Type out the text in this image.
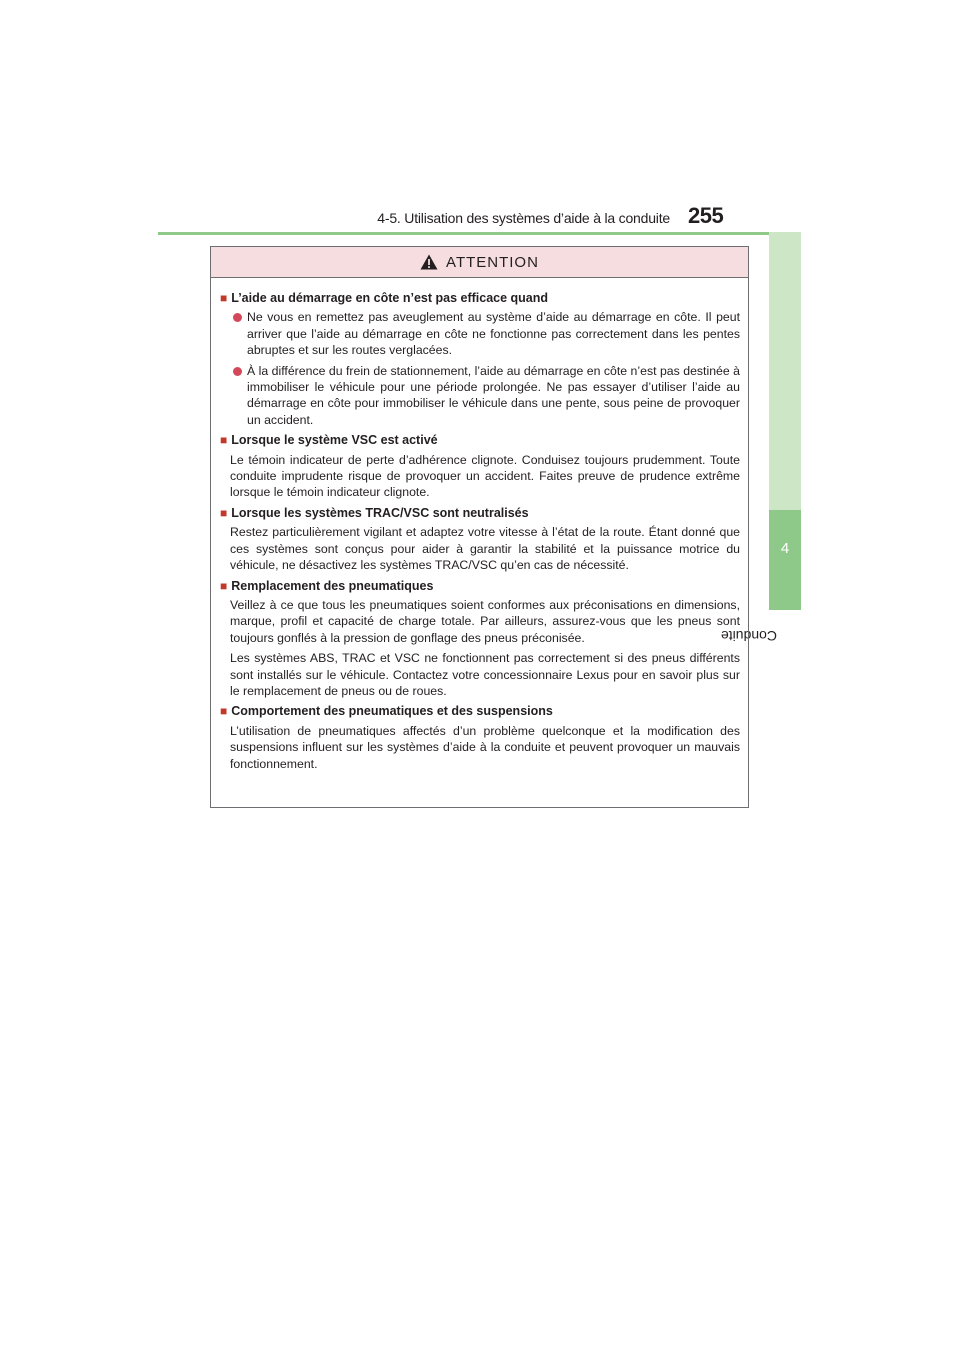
4-5. Utilisation des systèmes d’aide à la conduite 255
4
Conduite
ATTENTION
■ L’aide au démarrage en côte n’est pas efficace quand
Ne vous en remettez pas aveuglement au système d’aide au démarrage en côte. Il peut arriver que l’aide au démarrage en côte ne fonctionne pas correctement dans les pentes abruptes et sur les routes verglacées.
À la différence du frein de stationnement, l’aide au démarrage en côte n’est pas destinée à immobiliser le véhicule pour une période prolongée. Ne pas essayer d’utiliser l’aide au démarrage en côte pour immobiliser le véhicule dans une pente, sous peine de provoquer un accident.
■ Lorsque le système VSC est activé

Le témoin indicateur de perte d’adhérence clignote. Conduisez toujours prudemment. Toute conduite imprudente risque de provoquer un accident. Faites preuve de prudence extrême lorsque le témoin indicateur clignote.

■ Lorsque les systèmes TRAC/VSC sont neutralisés

Restez particulièrement vigilant et adaptez votre vitesse à l’état de la route. Étant donné que ces systèmes sont conçus pour aider à garantir la stabilité et la puissance motrice du véhicule, ne désactivez les systèmes TRAC/VSC qu’en cas de nécessité.

■ Remplacement des pneumatiques

Veillez à ce que tous les pneumatiques soient conformes aux préconisations en dimensions, marque, profil et capacité de charge totale. Par ailleurs, assurez-vous que les pneus sont toujours gonflés à la pression de gonflage des pneus préconisée.

Les systèmes ABS, TRAC et VSC ne fonctionnent pas correctement si des pneus différents sont installés sur le véhicule. Contactez votre concessionnaire Lexus pour en savoir plus sur le remplacement de pneus ou de roues.

■ Comportement des pneumatiques et des suspensions

L’utilisation de pneumatiques affectés d’un problème quelconque et la modification des suspensions influent sur les systèmes d’aide à la conduite et peuvent provoquer un mauvais fonctionnement.
